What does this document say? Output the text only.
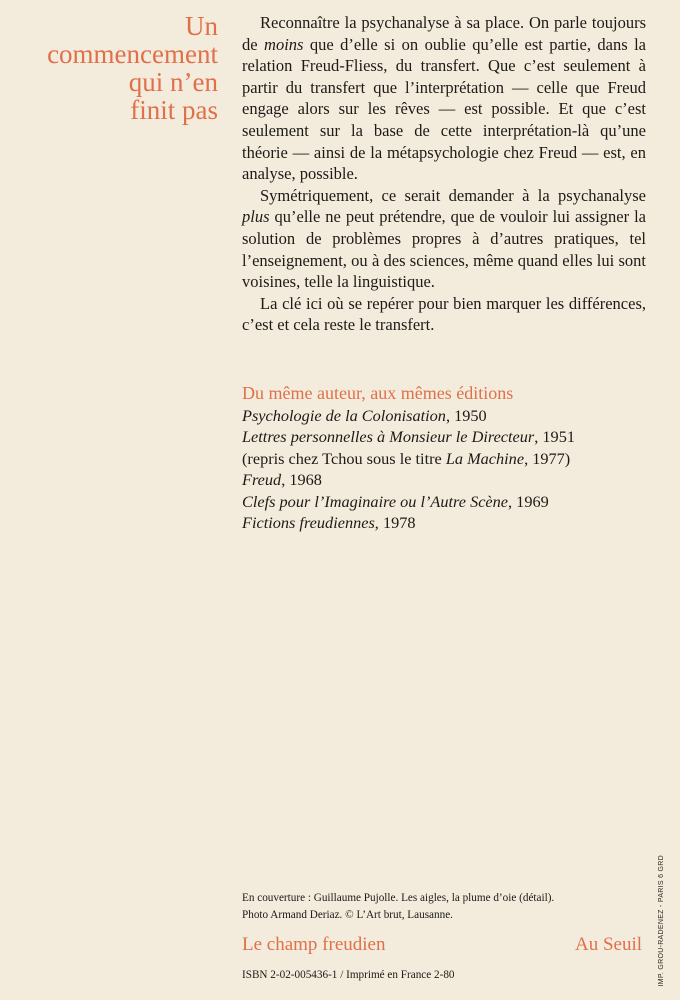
Un
commencement
qui n’en
finit pas

Reconnaître la psychanalyse à sa place. On parle toujours de moins que d’elle si on oublie qu’elle est partie, dans la relation Freud-Fliess, du transfert. Que c’est seulement à partir du transfert que l’interprétation — celle que Freud engage alors sur les rêves — est possible. Et que c’est seulement sur la base de cette interprétation-là qu’une théorie — ainsi de la métapsychologie chez Freud — est, en analyse, possible.

Symétriquement, ce serait demander à la psychanalyse plus qu’elle ne peut prétendre, que de vouloir lui assigner la solution de problèmes propres à d’autres pratiques, tel l’enseignement, ou à des sciences, même quand elles lui sont voisines, telle la linguistique.

La clé ici où se repérer pour bien marquer les différences, c’est et cela reste le transfert.

Du même auteur, aux mêmes éditions
Psychologie de la Colonisation, 1950
Lettres personnelles à Monsieur le Directeur, 1951
(repris chez Tchou sous le titre La Machine, 1977)
Freud, 1968
Clefs pour l’Imaginaire ou l’Autre Scène, 1969
Fictions freudiennes, 1978
IMP. GROU-RADENEZ - PARIS 6 GRD
En couverture : Guillaume Pujolle. Les aigles, la plume d’oie (détail).
Photo Armand Deriaz. © L’Art brut, Lausanne.
Le champ freudien	Au Seuil
ISBN 2-02-005436-1 / Imprimé en France 2-80
